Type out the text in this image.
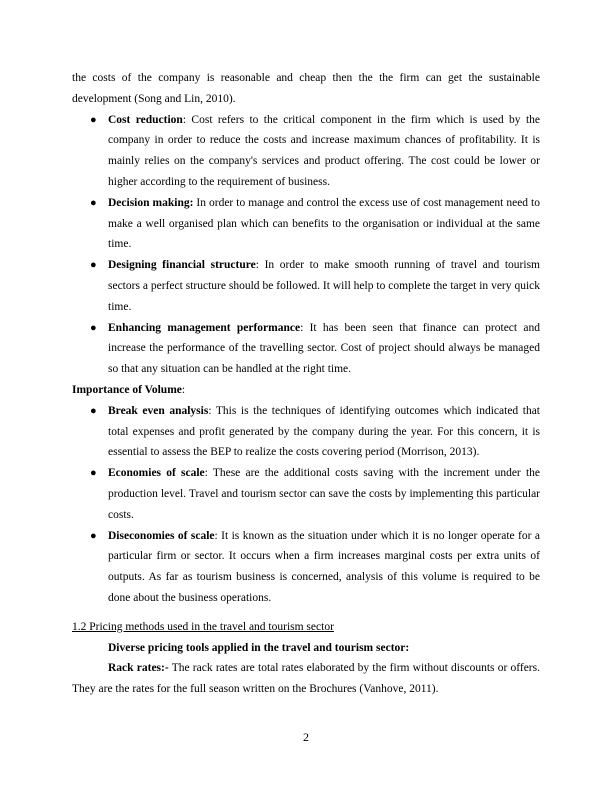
the costs of the company is reasonable and cheap then the the firm can get the sustainable development (Song and Lin, 2010).

● Cost reduction: Cost refers to the critical component in the firm which is used by the company in order to reduce the costs and increase maximum chances of profitability. It is mainly relies on the company's services and product offering. The cost could be lower or higher according to the requirement of business.
● Decision making: In order to manage and control the excess use of cost management need to make a well organised plan which can benefits to the organisation or individual at the same time.
● Designing financial structure: In order to make smooth running of travel and tourism sectors a perfect structure should be followed. It will help to complete the target in very quick time.
● Enhancing management performance: It has been seen that finance can protect and increase the performance of the travelling sector. Cost of project should always be managed so that any situation can be handled at the right time.

Importance of Volume:

● Break even analysis: This is the techniques of identifying outcomes which indicated that total expenses and profit generated by the company during the year. For this concern, it is essential to assess the BEP to realize the costs covering period (Morrison, 2013).
● Economies of scale: These are the additional costs saving with the increment under the production level. Travel and tourism sector can save the costs by implementing this particular costs.
● Diseconomies of scale: It is known as the situation under which it is no longer operate for a particular firm or sector. It occurs when a firm increases marginal costs per extra units of outputs. As far as tourism business is concerned, analysis of this volume is required to be done about the business operations.

1.2 Pricing methods used in the travel and tourism sector

Diverse pricing tools applied in the travel and tourism sector:

Rack rates:- The rack rates are total rates elaborated by the firm without discounts or offers. They are the rates for the full season written on the Brochures (Vanhove, 2011).

2
